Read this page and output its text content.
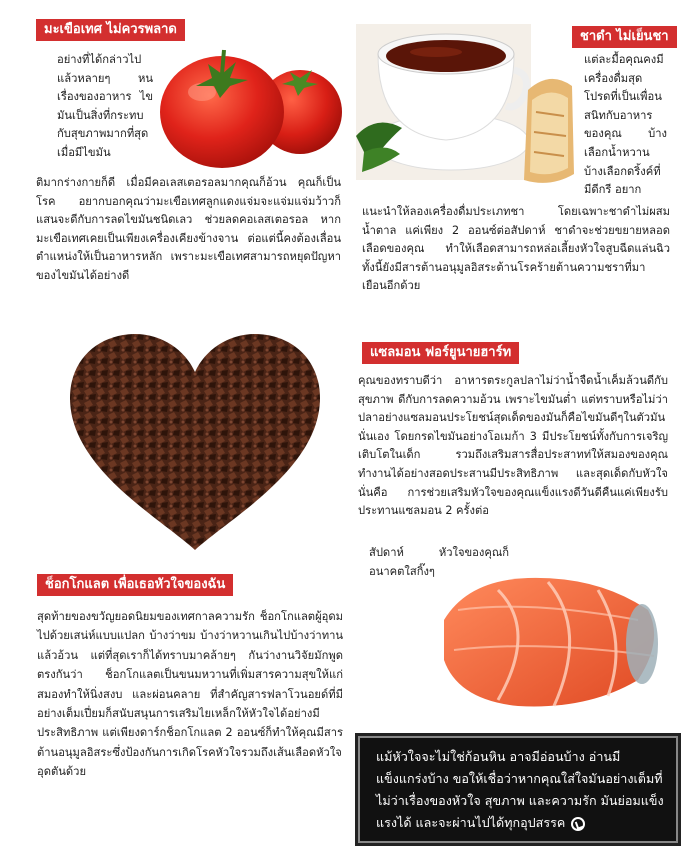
มะเขือเทศ ไม่ควรพลาด

อย่างที่ได้กล่าวไปแล้วหลายๆ หน เรื่องของอาหาร ไขมันเป็นสิ่งที่กระทบกับสุขภาพมากที่สุด เมื่อมีไขมัน

ติมากร่างกายก็ดี เมื่อมีคอเลสเตอรอลมากคุณก็อ้วน คุณก็เป็นโรค อยากบอกคุณว่ามะเขือเทศลูกแดงแจ่มจะแจ่มแจ่มว้าวก็แสนจะดีกับการลดไขมันชนิดเลว ช่วยลดคอเลสเตอรอล หากมะเขือเทศเคยเป็นเพียงเครื่องเคียงข้างจาน ต่อแต่นี้คงต้องเลื่อนตำแหน่งให้เป็นอาหารหลัก เพราะมะเขือเทศสามารถหยุดปัญหาของไขมันได้อย่างดี

ชาดำ ไม่เย็นชา

แต่ละมื้อคุณคงมีเครื่องดื่มสุดโปรดที่เป็นเพื่อนสนิทกับอาหารของคุณ บ้างเลือกน้ำหวาน บ้างเลือกดริ้งค์ที่มีดีกรี อยาก

แนะนำให้ลองเครื่องดื่มประเภทชา โดยเฉพาะชาดำไม่ผสมน้ำตาล แค่เพียง 2 ออนซ์ต่อสัปดาห์ ชาดำจะช่วยขยายหลอดเลือดของคุณ ทำให้เลือดสามารถหล่อเลี้ยงหัวใจสูบฉีดแล่นฉิวทั้งนี้ยังมีสารต้านอนุมูลอิสระต้านโรคร้ายต้านความชราที่มาเยือนอีกด้วย

แซลมอน ฟอร์ยูนายฮาร์ท

คุณของทราบดีว่า อาหารตระกูลปลาไม่ว่าน้ำจืดน้ำเค็มล้วนดีกับสุขภาพ ดีกับการลดความอ้วน เพราะไขมันต่ำ แต่ทราบหรือไม่ว่า ปลาอย่างแซลมอนประโยชน์สุดเด็ดของมันก็คือไขมันดีๆในตัวมันนั่นเอง โดยกรดไขมันอย่างโอเมก้า 3 มีประโยชน์ทั้งกับการเจริญเติบโตในเด็ก รวมถึงเสริมสารสื่อประสาทท่ให้สมองของคุณทำงานได้อย่างสอดประสานมีประสิทธิภาพ และสุดเด็ดกับหัวใจนั่นคือ การช่วยเสริมหัวใจของคุณแข็งแรงดีวันดีคืนแค่เพียงรับประทานแซลมอน 2 ครั้งต่อ

สัปดาห์ หัวใจของคุณก็อนาคตใสกิ๊งๆ

ช็อกโกแลต เพื่อเธอหัวใจของฉัน

สุดท้ายของขวัญยอดนิยมของเทศกาลความรัก ช็อกโกแลตผู้อุดมไปด้วยเสน่ห์แบบแปลก บ้างว่าขม บ้างว่าหวานเกินไปบ้างว่าทานแล้วอ้วน แต่ที่สุดเราก็ได้ทราบมาคล้ายๆ กันว่างานวิจัยมักพูดตรงกันว่า ช็อกโกแลตเป็นขนมหวานที่เพิ่มสารความสุขให้แก่สมองทำให้นิ่งสงบ และผ่อนคลาย ที่สำคัญสารฟลาโวนอยด์ที่มีอย่างเต็มเปี่ยมก็สนับสนุนการเสริมไยเหล็กให้หัวใจได้อย่างมีประสิทธิภาพ แต่เพียงดาร์กช็อกโกแลต 2 ออนซ์ก็ทำให้คุณมีสารต้านอนุมูลอิสระซึ่งป้องกันการเกิดโรคหัวใจรวมถึงเส้นเลือดหัวใจอุดตันด้วย

แม้หัวใจจะไม่ใช่ก้อนหิน อาจมีอ่อนบ้าง อ่านมีแข็งแกร่งบ้าง ขอให้เชื่อว่าหากคุณใส่ใจมันอย่างเต็มที่ไม่ว่าเรื่องของหัวใจ สุขภาพ และความรัก มันย่อมแข็งแรงได้ และจะผ่านไปได้ทุกอุปสรรค
